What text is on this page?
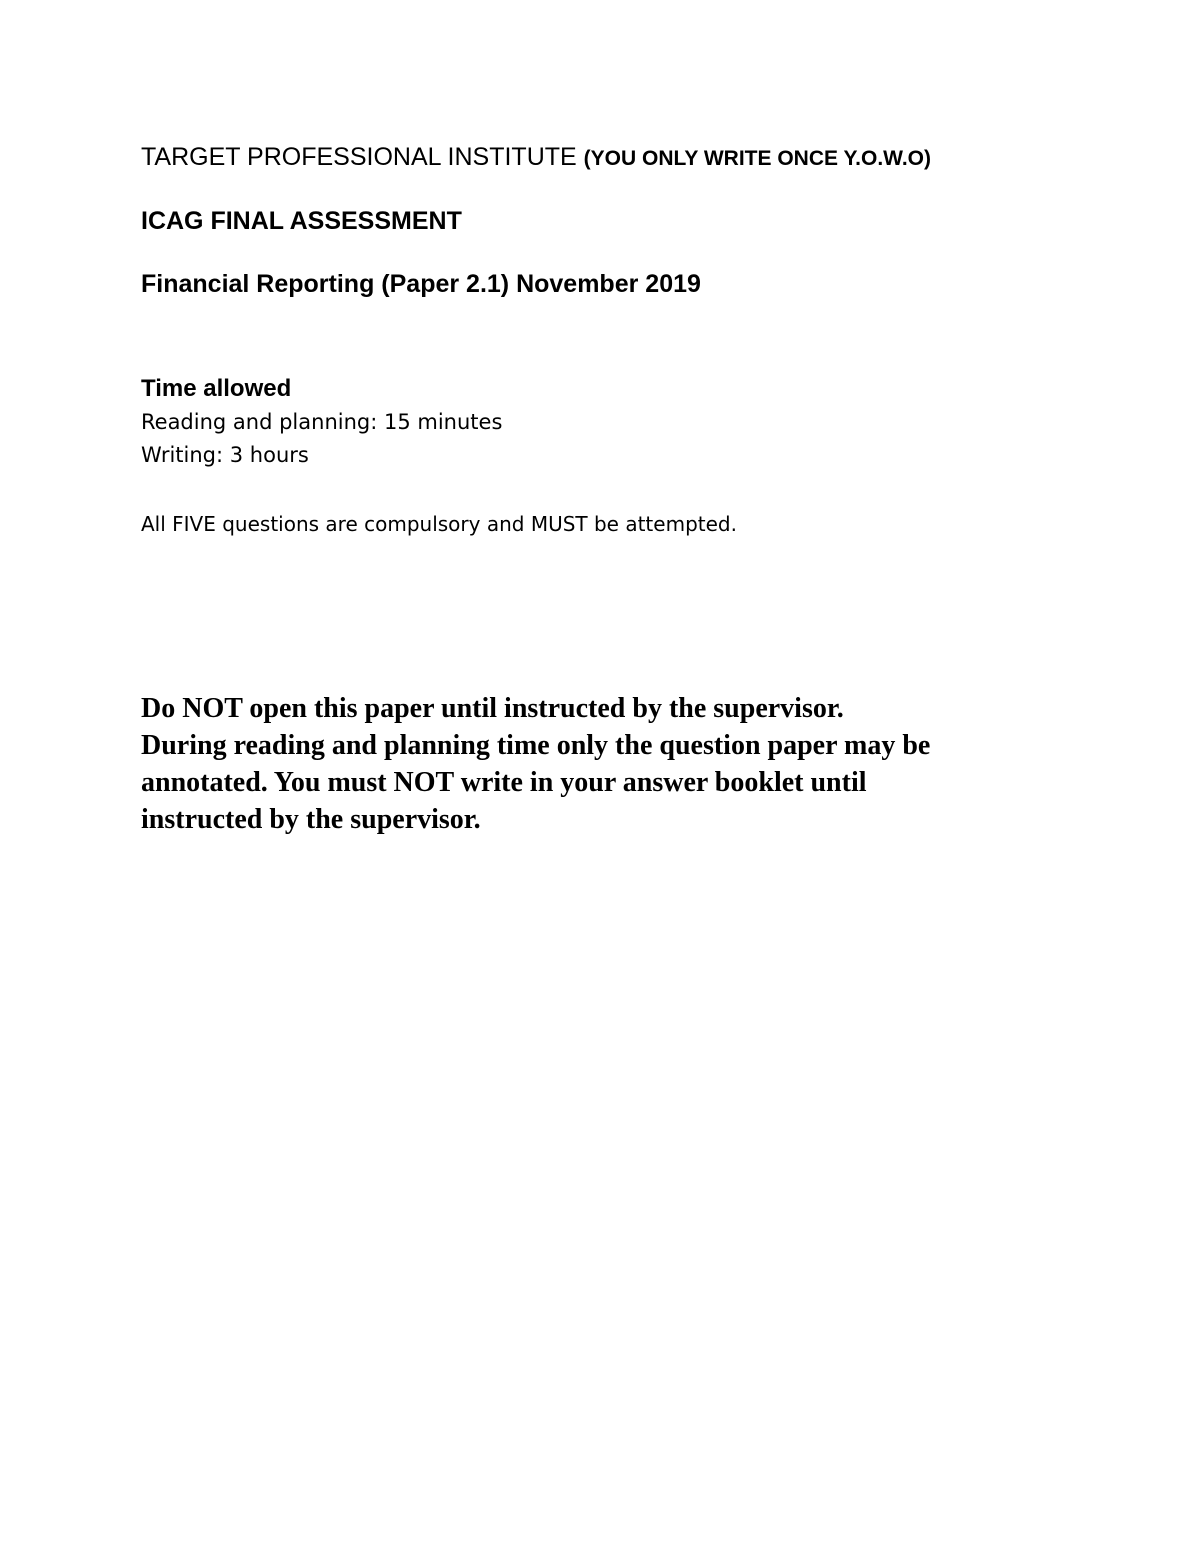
TARGET PROFESSIONAL INSTITUTE (YOU ONLY WRITE ONCE Y.O.W.O)

ICAG FINAL ASSESSMENT

Financial Reporting (Paper 2.1) November 2019

Time allowed

Reading and planning: 15 minutes

Writing: 3 hours

All FIVE questions are compulsory and MUST be attempted.

Do NOT open this paper until instructed by the supervisor.
During reading and planning time only the question paper may be
annotated. You must NOT write in your answer booklet until
instructed by the supervisor.
